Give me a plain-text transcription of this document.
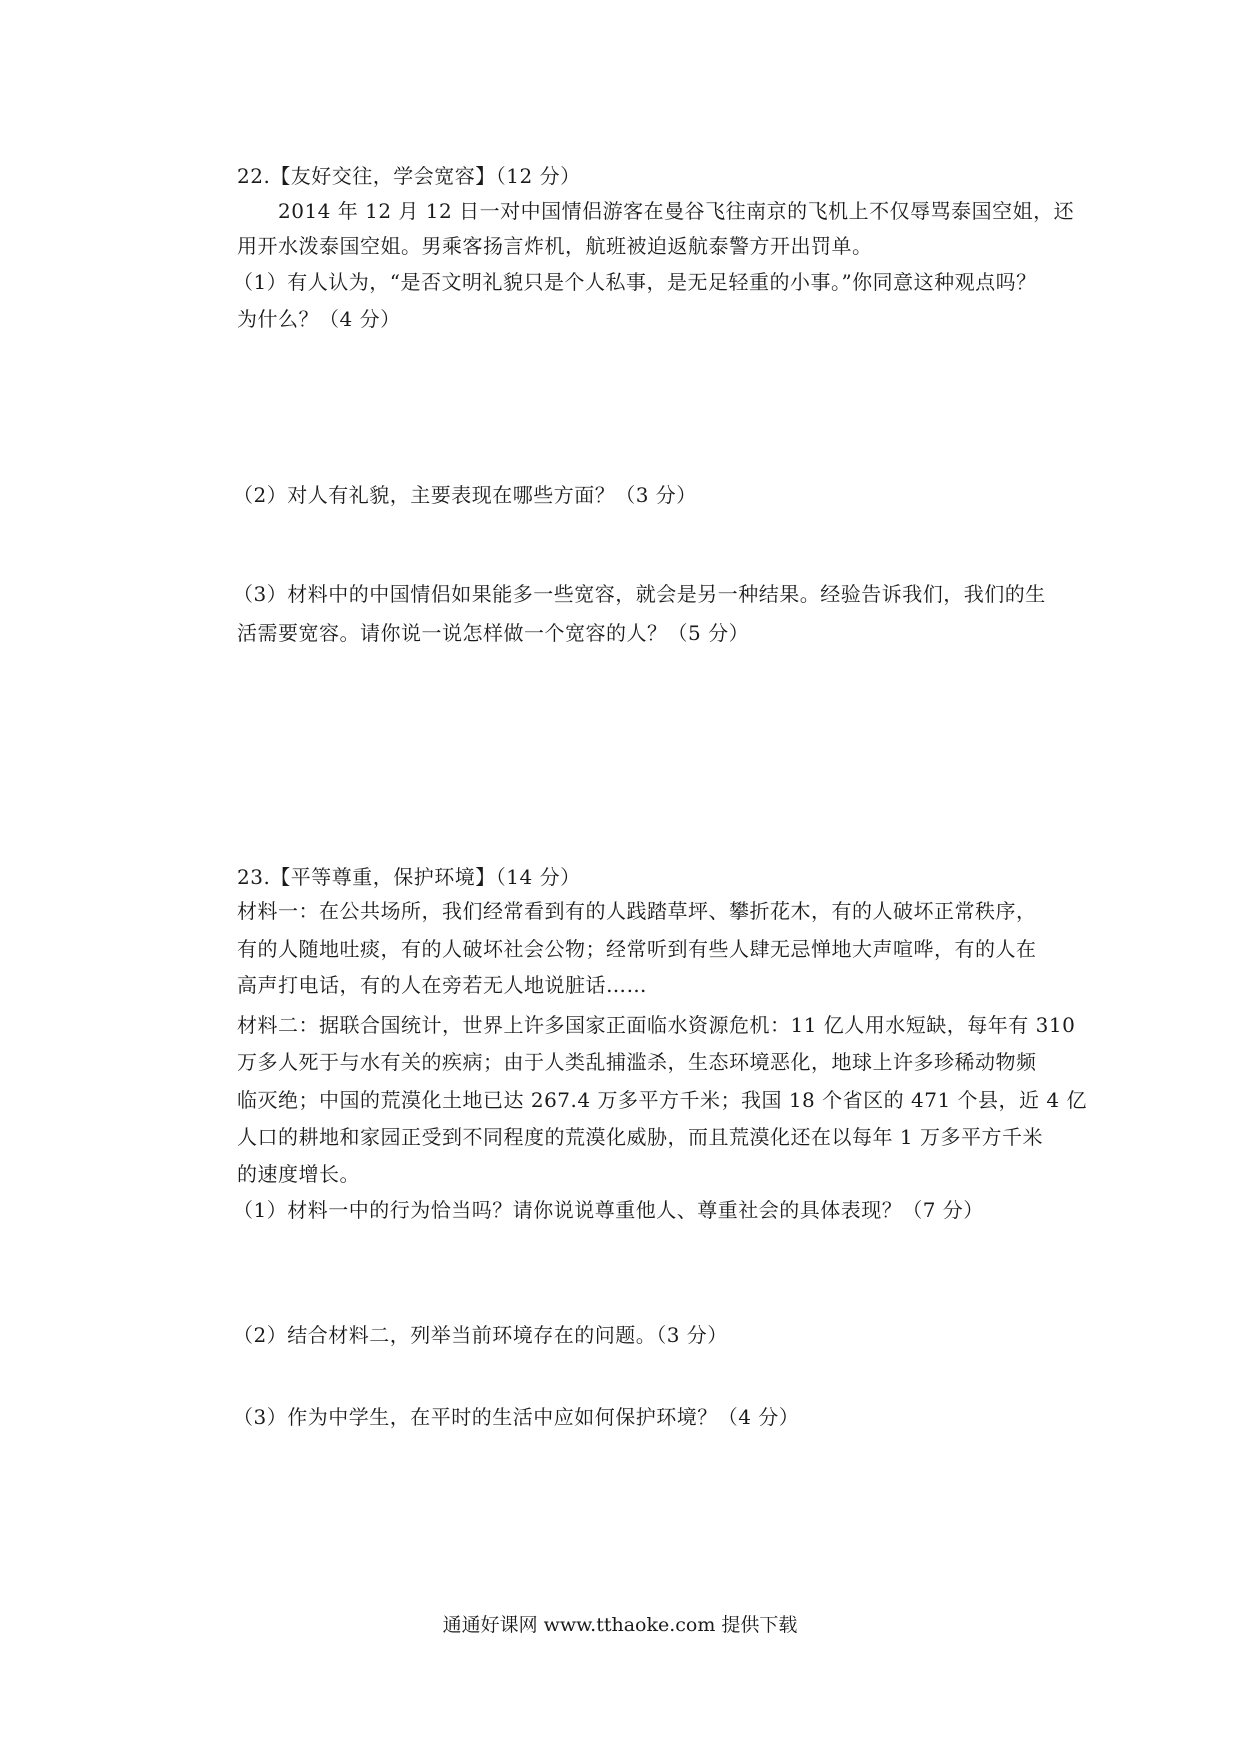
22.【友好交往，学会宽容】（12 分）
2014 年 12 月 12 日一对中国情侣游客在曼谷飞往南京的飞机上不仅辱骂泰国空姐，还
用开水泼泰国空姐。男乘客扬言炸机，航班被迫返航泰警方开出罚单。
（1）有人认为，“是否文明礼貌只是个人私事，是无足轻重的小事。”你同意这种观点吗？
为什么？（4 分）
（2）对人有礼貌，主要表现在哪些方面？（3 分）
（3）材料中的中国情侣如果能多一些宽容，就会是另一种结果。经验告诉我们，我们的生
活需要宽容。请你说一说怎样做一个宽容的人？（5 分）
23.【平等尊重，保护环境】（14 分）
材料一：在公共场所，我们经常看到有的人践踏草坪、攀折花木，有的人破坏正常秩序，
有的人随地吐痰，有的人破坏社会公物；经常听到有些人肆无忌惮地大声喧哗，有的人在
高声打电话，有的人在旁若无人地说脏话……
材料二：据联合国统计，世界上许多国家正面临水资源危机：11 亿人用水短缺，每年有 310
万多人死于与水有关的疾病；由于人类乱捕滥杀，生态环境恶化，地球上许多珍稀动物频
临灭绝；中国的荒漠化土地已达 267.4 万多平方千米；我国 18 个省区的 471 个县，近 4 亿
人口的耕地和家园正受到不同程度的荒漠化威胁，而且荒漠化还在以每年 1 万多平方千米
的速度增长。
（1）材料一中的行为恰当吗？请你说说尊重他人、尊重社会的具体表现？（7 分）
（2）结合材料二，列举当前环境存在的问题。（3 分）
（3）作为中学生，在平时的生活中应如何保护环境？（4 分）
通通好课网 www.tthaoke.com 提供下载
